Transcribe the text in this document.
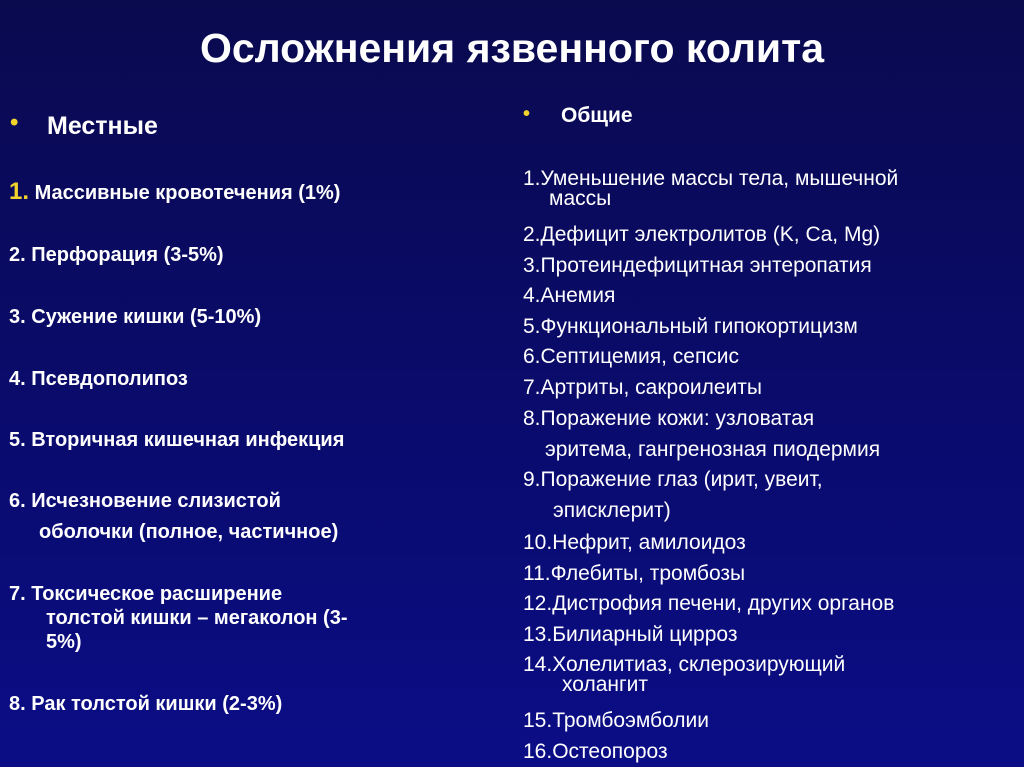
Осложнения язвенного колита
• Местные
1. Массивные кровотечения (1%)
2. Перфорация (3-5%)
3. Сужение кишки (5-10%)
4. Псевдополипоз
5. Вторичная кишечная инфекция
6. Исчезновение слизистой
оболочки (полное, частичное)
7. Токсическое расширение
толстой кишки – мегаколон (3-
5%)
8. Рак толстой кишки (2-3%)
• Общие
1.Уменьшение массы тела, мышечной
массы
2.Дефицит электролитов (K, Ca, Mg)
3.Протеиндефицитная энтеропатия
4.Анемия
5.Функциональный гипокортицизм
6.Септицемия, сепсис
7.Артриты, сакроилеиты
8.Поражение кожи: узловатая
эритема, гангренозная пиодермия
9.Поражение глаз (ирит, увеит,
эписклерит)
10.Нефрит, амилоидоз
11.Флебиты, тромбозы
12.Дистрофия печени, других органов
13.Билиарный цирроз
14.Холелитиаз, склерозирующий
холангит
15.Тромбоэмболии
16.Остеопороз
